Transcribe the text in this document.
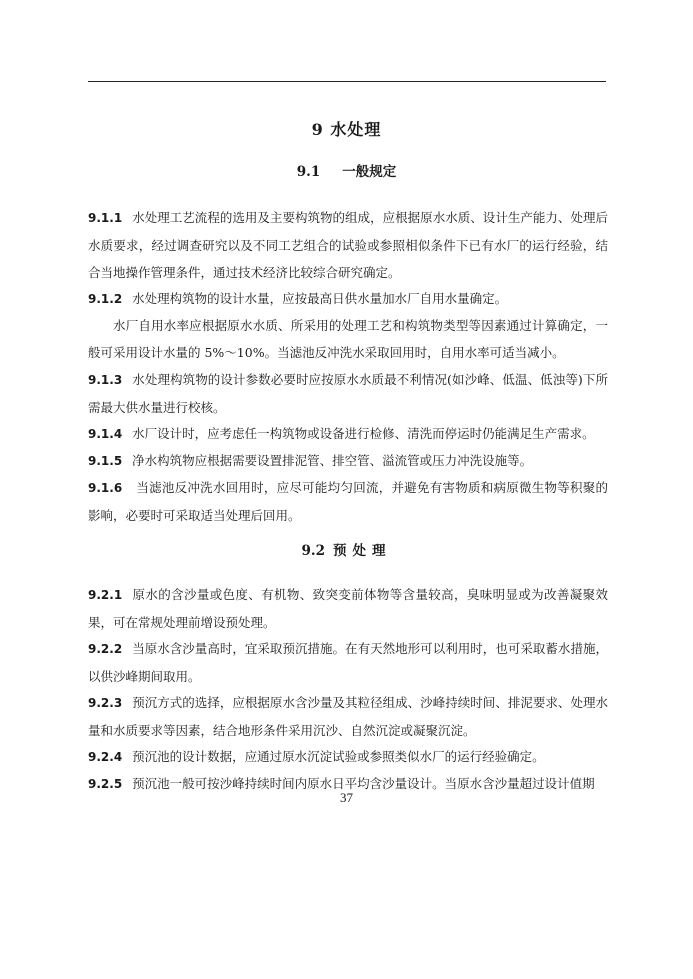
9 水处理
9.1 一般规定

9.1.1 水处理工艺流程的选用及主要构筑物的组成，应根据原水水质、设计生产能力、处理后水质要求，经过调查研究以及不同工艺组合的试验或参照相似条件下已有水厂的运行经验，结合当地操作管理条件，通过技术经济比较综合研究确定。

9.1.2 水处理构筑物的设计水量，应按最高日供水量加水厂自用水量确定。

水厂自用水率应根据原水水质、所采用的处理工艺和构筑物类型等因素通过计算确定，一般可采用设计水量的 5%～10%。当滤池反冲洗水采取回用时，自用水率可适当减小。

9.1.3 水处理构筑物的设计参数必要时应按原水水质最不利情况(如沙峰、低温、低浊等)下所需最大供水量进行校核。

9.1.4 水厂设计时，应考虑任一构筑物或设备进行检修、清洗而停运时仍能满足生产需求。

9.1.5 净水构筑物应根据需要设置排泥管、排空管、溢流管或压力冲洗设施等。

9.1.6 当滤池反冲洗水回用时，应尽可能均匀回流，并避免有害物质和病原微生物等积聚的影响，必要时可采取适当处理后回用。

9.2 预处理

9.2.1 原水的含沙量或色度、有机物、致突变前体物等含量较高，臭味明显或为改善凝聚效果，可在常规处理前增设预处理。

9.2.2 当原水含沙量高时，宜采取预沉措施。在有天然地形可以利用时，也可采取蓄水措施，以供沙峰期间取用。

9.2.3 预沉方式的选择，应根据原水含沙量及其粒径组成、沙峰持续时间、排泥要求、处理水量和水质要求等因素，结合地形条件采用沉沙、自然沉淀或凝聚沉淀。

9.2.4 预沉池的设计数据，应通过原水沉淀试验或参照类似水厂的运行经验确定。

9.2.5 预沉池一般可按沙峰持续时间内原水日平均含沙量设计。当原水含沙量超过设计值期

37
